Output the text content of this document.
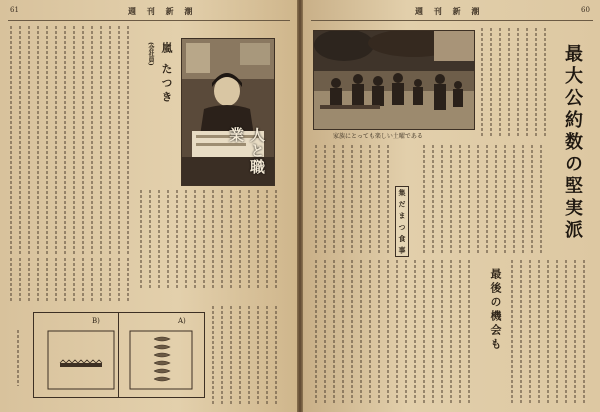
61	週 刊 新 潮
嵐 たつき
(会社員)
人と職業
B)	A)
週 刊 新 潮	60
家族にとっても楽しい土曜である	最大公約数の堅実派
集 だ ま つ 食 事
最後の機会も
